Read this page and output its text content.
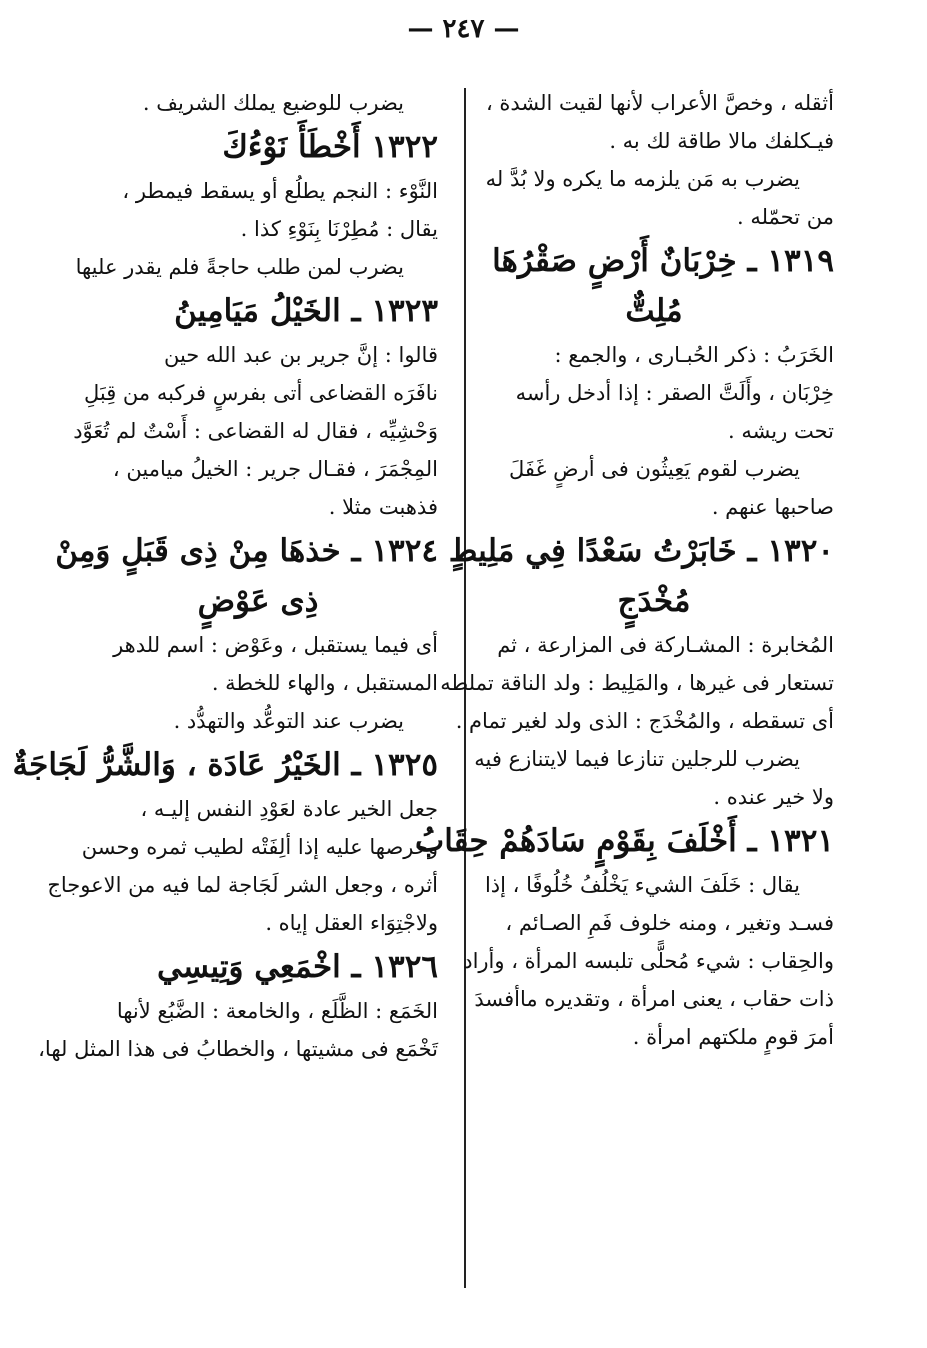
— ٢٤٧ —
أثقله ، وخصَّ الأعراب لأنها لقيت الشدة ،
فيـكلفك مالا طاقة لك به .
يضرب به مَن يلزمه ما يكره ولا بُدَّ له
من تحمّله .
١٣١٩ ـ خِرْبَانٌ أَرْضٍ صَقْرُهَا
مُلِتٌّ
الخَرَبُ : ذكر الحُبـارى ، والجمع :
خِرْبَان ، وأَلَتَّ الصقر : إذا أدخل رأسه
تحت ريشه .
يضرب لقوم يَعِيثُون فى أرضٍ غَفَلَ
صاحبها عنهم .
١٣٢٠ ـ خَابَرْتُ سَعْدًا فِي مَلِيطٍ
مُخْدَجٍ
المُخابرة : المشـاركة فى المزارعة ، ثم
تستعار فى غيرها ، والمَلِيط : ولد الناقة تملطه
أى تسقطه ، والمُخْدَج : الذى ولد لغير تمام .
يضرب للرجلين تنازعا فيما لايتنازع فيه
ولا خير عنده .
١٣٢١ ـ أَخْلَفَ بِقَوْمٍ سَادَهُمْ حِقَابُ
يقال : خَلَفَ الشيء يَخْلُفُ خُلُوفًا ، إذا
فسـد وتغير ، ومنه خلوف فَمِ الصـائم ،
والحِقاب : شيء مُحلًّى تلبسه المرأة ، وأراد
ذات حقاب ، يعنى امرأة ، وتقديره ماأفسدَ
أمرَ قومٍ ملكتهم امرأة .
يضرب للوضيع يملك الشريف .
١٣٢٢ أَخْطَأَ نَوْءُكَ
النَّوْء : النجم يطلُع أو يسقط فيمطر ،
يقال : مُطِرْنَا بِنَوْءِ كذا .
يضرب لمن طلب حاجةً فلم يقدر عليها
١٣٢٣ ـ الخَيْلُ مَيَامِينُ
قالوا : إنَّ جرير بن عبد الله حين
نافَرَه القضاعى أتى بفرسٍ فركبه من قِبَلِ
وَحْشِيِّه ، فقال له القضاعى : أَسْتٌ لم تُعَوَّد
المِجْمَرَ ، فقـال جرير : الخيلُ ميامين ،
فذهبت مثلا .
١٣٢٤ ـ خذهَا مِنْ ذِى قَبَلٍ وَمِنْ
ذِى عَوْضٍ
أى فيما يستقبل ، وعَوْض : اسم للدهر
المستقبل ، والهاء للخطة .
يضرب عند التوعُّد والتهدُّد .
١٣٢٥ ـ الخَيْرُ عَادَة ، وَالشَّرُّ لَجَاجَةٌ
جعل الخير عادة لعَوْدِ النفس إليـه ،
وحرصها عليه إذا ألِفَتْه لطيب ثمره وحسن
أثره ، وجعل الشر لَجَاجة لما فيه من الاعوجاج
ولاجْتِوَاء العقل إياه .
١٣٢٦ ـ اخْمَعِي وَتِيسِي
الخَمَع : الظَّلَع ، والخامعة : الضَّبُع لأنها
تَخْمَع فى مشيتها ، والخطابُ فى هذا المثل لها،
